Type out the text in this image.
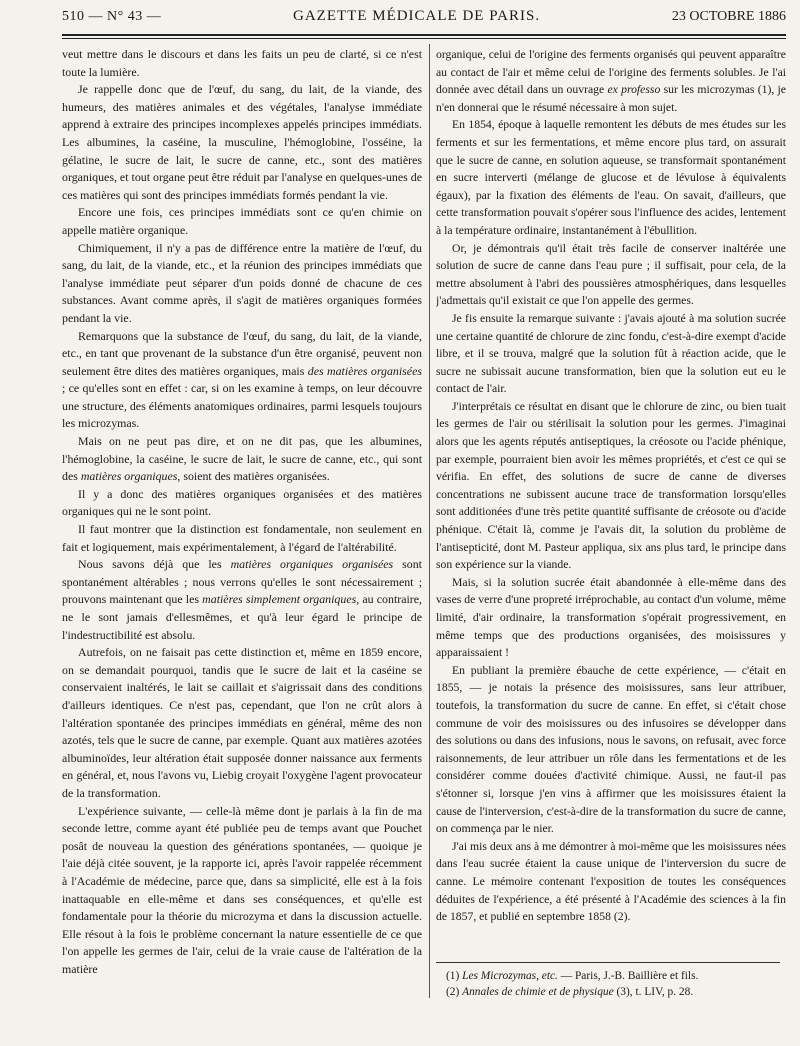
510 — N° 43 —	GAZETTE MÉDICALE DE PARIS.	23 OCTOBRE 1886

veut mettre dans le discours et dans les faits un peu de clarté, si ce n'est toute la lumière.

Je rappelle donc que de l'œuf, du sang, du lait, de la viande, des humeurs, des matières animales et des végétales, l'analyse immédiate apprend à extraire des principes incomplexes appelés principes immédiats. Les albumines, la caséine, la musculine, l'hémoglobine, l'osséine, la gélatine, le sucre de lait, le sucre de canne, etc., sont des matières organiques, et tout organe peut être réduit par l'analyse en quelques-unes de ces matières qui sont des principes immédiats formés pendant la vie.

Encore une fois, ces principes immédiats sont ce qu'en chimie on appelle matière organique.

Chimiquement, il n'y a pas de différence entre la matière de l'œuf, du sang, du lait, de la viande, etc., et la réunion des principes immédiats que l'analyse immédiate peut séparer d'un poids donné de chacune de ces substances. Avant comme après, il s'agit de matières organiques formées pendant la vie.

Remarquons que la substance de l'œuf, du sang, du lait, de la viande, etc., en tant que provenant de la substance d'un être organisé, peuvent non seulement être dites des matières organiques, mais des matières organisées ; ce qu'elles sont en effet : car, si on les examine à temps, on leur découvre une structure, des éléments anatomiques ordinaires, parmi lesquels toujours les microzymas.

Mais on ne peut pas dire, et on ne dit pas, que les albumines, l'hémoglobine, la caséine, le sucre de lait, le sucre de canne, etc., qui sont des matières organiques, soient des matières organisées.

Il y a donc des matières organiques organisées et des matières organiques qui ne le sont point.

Il faut montrer que la distinction est fondamentale, non seulement en fait et logiquement, mais expérimentalement, à l'égard de l'altérabilité.

Nous savons déjà que les matières organiques organisées sont spontanément altérables ; nous verrons qu'elles le sont nécessairement ; prouvons maintenant que les matières simplement organiques, au contraire, ne le sont jamais d'ellesmêmes, et qu'à leur égard le principe de l'indestructibilité est absolu.

Autrefois, on ne faisait pas cette distinction et, même en 1859 encore, on se demandait pourquoi, tandis que le sucre de lait et la caséine se conservaient inaltérés, le lait se caillait et s'aigrissait dans des conditions d'ailleurs identiques. Ce n'est pas, cependant, que l'on ne crût alors à l'altération spontanée des principes immédiats en général, même des non azotés, tels que le sucre de canne, par exemple. Quant aux matières azotées albuminoïdes, leur altération était supposée donner naissance aux ferments en général, et, nous l'avons vu, Liebig croyait l'oxygène l'agent provocateur de la transformation.

L'expérience suivante, — celle-là même dont je parlais à la fin de ma seconde lettre, comme ayant été publiée peu de temps avant que Pouchet posât de nouveau la question des générations spontanées, — quoique je l'aie déjà citée souvent, je la rapporte ici, après l'avoir rappelée récemment à l'Académie de médecine, parce que, dans sa simplicité, elle est à la fois inattaquable en elle-même et dans ses conséquences, et qu'elle est fondamentale pour la théorie du microzyma et dans la discussion actuelle. Elle résout à la fois le problème concernant la nature essentielle de ce que l'on appelle les germes de l'air, celui de la vraie cause de l'altération de la matière

organique, celui de l'origine des ferments organisés qui peuvent apparaître au contact de l'air et même celui de l'origine des ferments solubles. Je l'ai donnée avec détail dans un ouvrage ex professo sur les microzymas (1), je n'en donnerai que le résumé nécessaire à mon sujet.

En 1854, époque à laquelle remontent les débuts de mes études sur les ferments et sur les fermentations, et même encore plus tard, on assurait que le sucre de canne, en solution aqueuse, se transformait spontanément en sucre interverti (mélange de glucose et de lévulose à équivalents égaux), par la fixation des éléments de l'eau. On savait, d'ailleurs, que cette transformation pouvait s'opérer sous l'influence des acides, lentement à la température ordinaire, instantanément à l'ébullition.

Or, je démontrais qu'il était très facile de conserver inaltérée une solution de sucre de canne dans l'eau pure ; il suffisait, pour cela, de la mettre absolument à l'abri des poussières atmosphériques, dans lesquelles j'admettais qu'il existait ce que l'on appelle des germes.

Je fis ensuite la remarque suivante : j'avais ajouté à ma solution sucrée une certaine quantité de chlorure de zinc fondu, c'est-à-dire exempt d'acide libre, et il se trouva, malgré que la solution fût à réaction acide, que le sucre ne subissait aucune transformation, bien que la solution eut eu le contact de l'air.

J'interprétais ce résultat en disant que le chlorure de zinc, ou bien tuait les germes de l'air ou stérilisait la solution pour les germes. J'imaginai alors que les agents réputés antiseptiques, la créosote ou l'acide phénique, par exemple, pourraient bien avoir les mêmes propriétés, et c'est ce qui se vérifia. En effet, des solutions de sucre de canne de diverses concentrations ne subissent aucune trace de transformation lorsqu'elles sont additionées d'une très petite quantité suffisante de créosote ou d'acide phénique. C'était là, comme je l'avais dit, la solution du problème de l'antisepticité, dont M. Pasteur appliqua, six ans plus tard, le principe dans son expérience sur la viande.

Mais, si la solution sucrée était abandonnée à elle-même dans des vases de verre d'une propreté irréprochable, au contact d'un volume, même limité, d'air ordinaire, la transformation s'opérait progressivement, en même temps que des productions organisées, des moisissures y apparaissaient !

En publiant la première ébauche de cette expérience, — c'était en 1855, — je notais la présence des moisissures, sans leur attribuer, toutefois, la transformation du sucre de canne. En effet, si c'était chose commune de voir des moisissures ou des infusoires se développer dans des solutions ou dans des infusions, nous le savons, on refusait, avec force raisonnements, de leur attribuer un rôle dans les fermentations et de les considérer comme douées d'activité chimique. Aussi, ne faut-il pas s'étonner si, lorsque j'en vins à affirmer que les moisissures étaient la cause de l'interversion, c'est-à-dire de la transformation du sucre de canne, on commença par le nier.

J'ai mis deux ans à me démontrer à moi-même que les moisissures nées dans l'eau sucrée étaient la cause unique de l'interversion du sucre de canne. Le mémoire contenant l'exposition de toutes les conséquences déduites de l'expérience, a été présenté à l'Académie des sciences à la fin de 1857, et publié en septembre 1858 (2).

(1) Les Microzymas, etc. — Paris, J.-B. Baillière et fils.
(2) Annales de chimie et de physique (3), t. LIV, p. 28.
